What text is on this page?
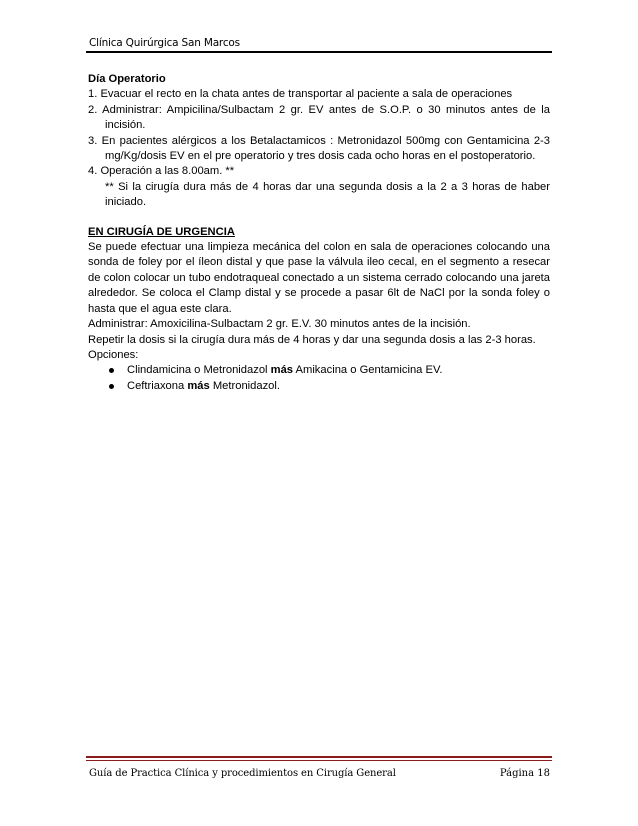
Clínica Quirúrgica San Marcos

Día Operatorio

1. Evacuar el recto en la chata antes de transportar al paciente a sala de operaciones

2. Administrar: Ampicilina/Sulbactam 2 gr. EV antes de S.O.P. o 30 minutos antes de la incisión.

3. En pacientes alérgicos a los Betalactamicos : Metronidazol 500mg con Gentamicina 2-3 mg/Kg/dosis EV en el pre operatorio y tres dosis cada ocho horas en el postoperatorio.

4. Operación a las 8.00am. **

** Si la cirugía dura más de 4 horas dar una segunda dosis a la 2 a 3 horas de haber iniciado.

EN CIRUGÍA DE URGENCIA

Se puede efectuar una limpieza mecánica del colon en sala de operaciones colocando una sonda de foley por el íleon distal y que pase la válvula ileo cecal, en el segmento a resecar de colon colocar un tubo endotraqueal conectado a un sistema cerrado colocando una jareta alrededor. Se coloca el Clamp distal y se procede a pasar 6lt de NaCl por la sonda foley o hasta que el agua este clara.

Administrar: Amoxicilina-Sulbactam 2 gr. E.V. 30 minutos antes de la incisión.

Repetir la dosis si la cirugía dura más de 4 horas y dar una segunda dosis a las 2-3 horas.

Opciones:

Clindamicina o Metronidazol más Amikacina o Gentamicina EV.
Ceftriaxona más Metronidazol.
Guía de Practica Clínica y procedimientos en Cirugía General	Página 18
